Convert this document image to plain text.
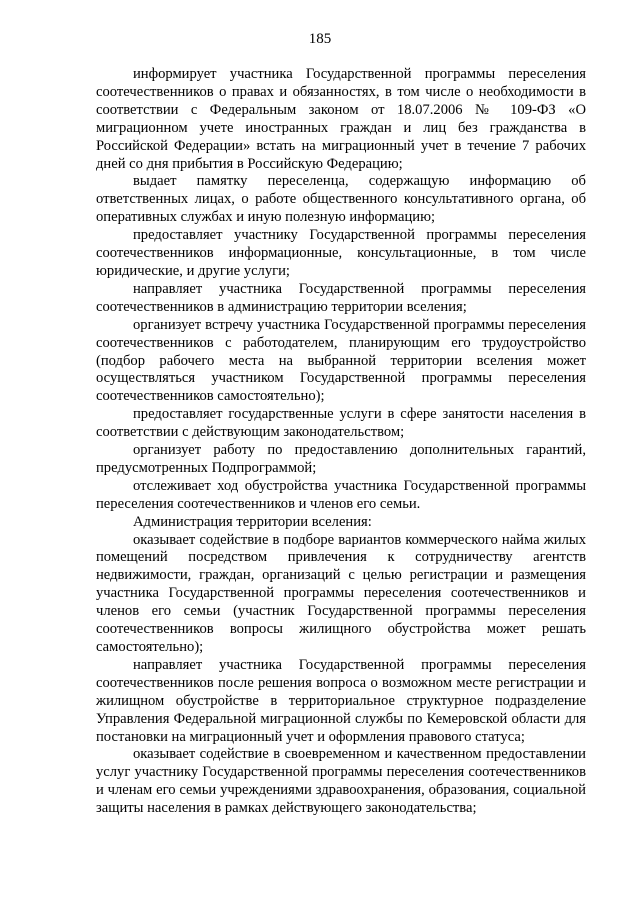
185

информирует участника Государственной программы переселения соотечественников о правах и обязанностях, в том числе о необходимости в соответствии с Федеральным законом от 18.07.2006 № 109-ФЗ «О миграционном учете иностранных граждан и лиц без гражданства в Российской Федерации» встать на миграционный учет в течение 7 рабочих дней со дня прибытия в Российскую Федерацию;

выдает памятку переселенца, содержащую информацию об ответственных лицах, о работе общественного консультативного органа, об оперативных службах и иную полезную информацию;

предоставляет участнику Государственной программы переселения соотечественников информационные, консультационные, в том числе юридические, и другие услуги;

направляет участника Государственной программы переселения соотечественников в администрацию территории вселения;

организует встречу участника Государственной программы переселения соотечественников с работодателем, планирующим его трудоустройство (подбор рабочего места на выбранной территории вселения может осуществляться участником Государственной программы переселения соотечественников самостоятельно);

предоставляет государственные услуги в сфере занятости населения в соответствии с действующим законодательством;

организует работу по предоставлению дополнительных гарантий, предусмотренных Подпрограммой;

отслеживает ход обустройства участника Государственной программы переселения соотечественников и членов его семьи.

Администрация территории вселения:

оказывает содействие в подборе вариантов коммерческого найма жилых помещений посредством привлечения к сотрудничеству агентств недвижимости, граждан, организаций с целью регистрации и размещения участника Государственной программы переселения соотечественников и членов его семьи (участник Государственной программы переселения соотечественников вопросы жилищного обустройства может решать самостоятельно);

направляет участника Государственной программы переселения соотечественников после решения вопроса о возможном месте регистрации и жилищном обустройстве в территориальное структурное подразделение Управления Федеральной миграционной службы по Кемеровской области для постановки на миграционный учет и оформления правового статуса;

оказывает содействие в своевременном и качественном предоставлении услуг участнику Государственной программы переселения соотечественников и членам его семьи учреждениями здравоохранения, образования, социальной защиты населения в рамках действующего законодательства;
